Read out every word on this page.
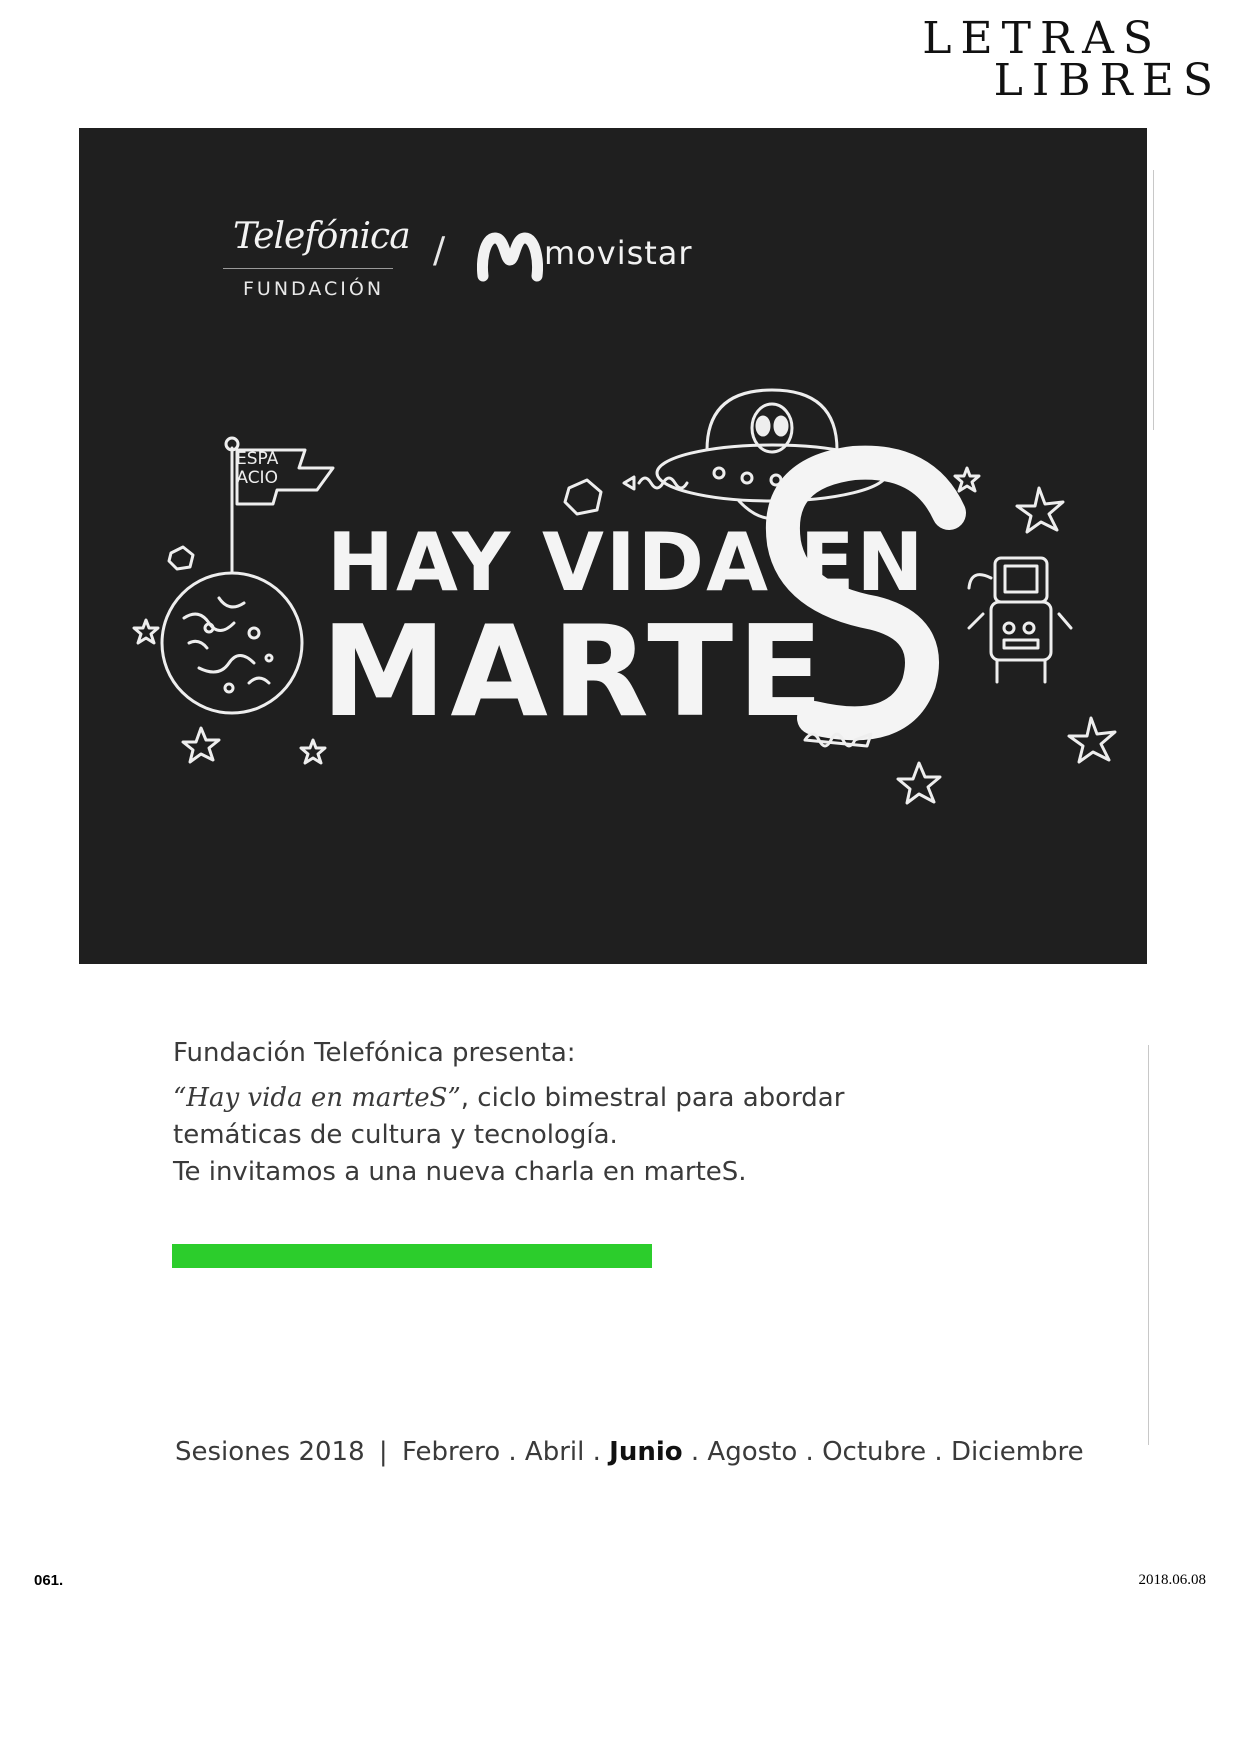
LETRAS
LIBRES
Telefónica
FUNDACIÓN
/	movistar
ESPA
ACIO
HAY VIDA EN
MARTE
Fundación Telefónica presenta:
“Hay vida en marteS”, ciclo bimestral para abordar
temáticas de cultura y tecnología.
Te invitamos a una nueva charla en marteS.
Sesiones 2018 | Febrero . Abril . Junio . Agosto . Octubre . Diciembre
061.	2018.06.08
